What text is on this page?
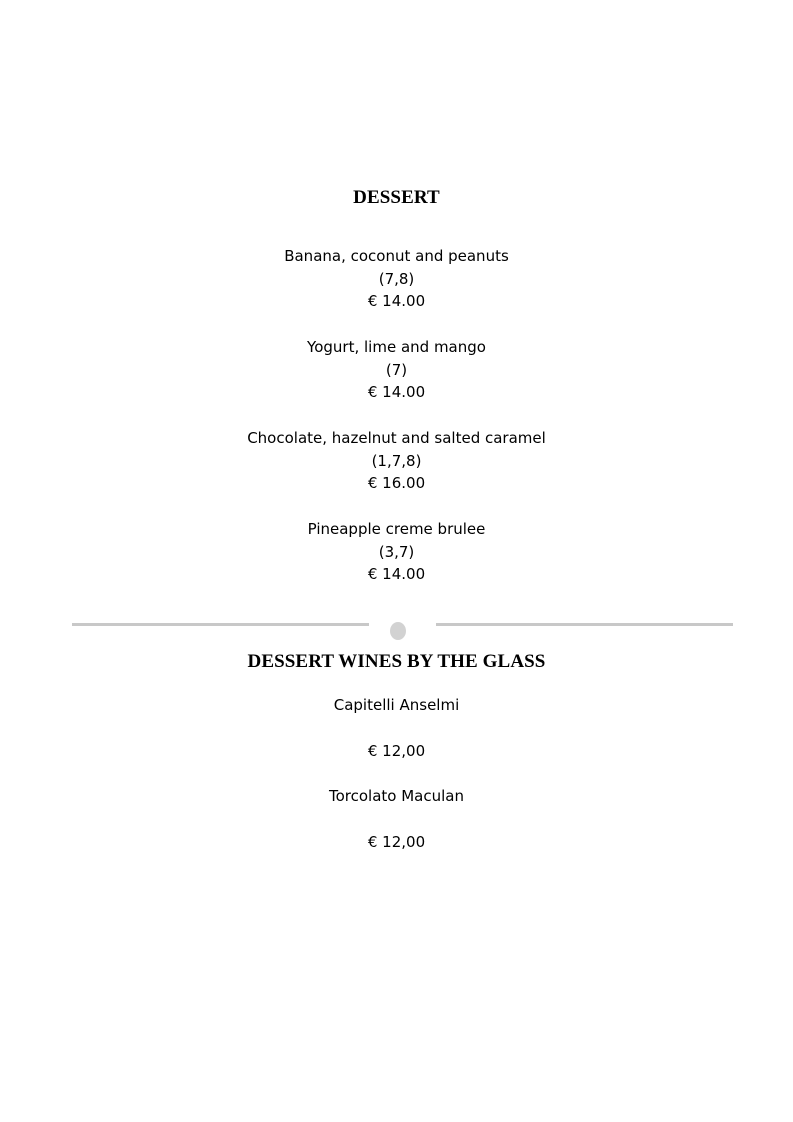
DESSERT
Banana, coconut and peanuts
(7,8)
€ 14.00
Yogurt, lime and mango
(7)
€ 14.00
Chocolate, hazelnut and salted caramel
(1,7,8)
€ 16.00
Pineapple creme brulee
(3,7)
€ 14.00
DESSERT WINES BY THE GLASS
Capitelli Anselmi
€ 12,00
Torcolato Maculan
€ 12,00
